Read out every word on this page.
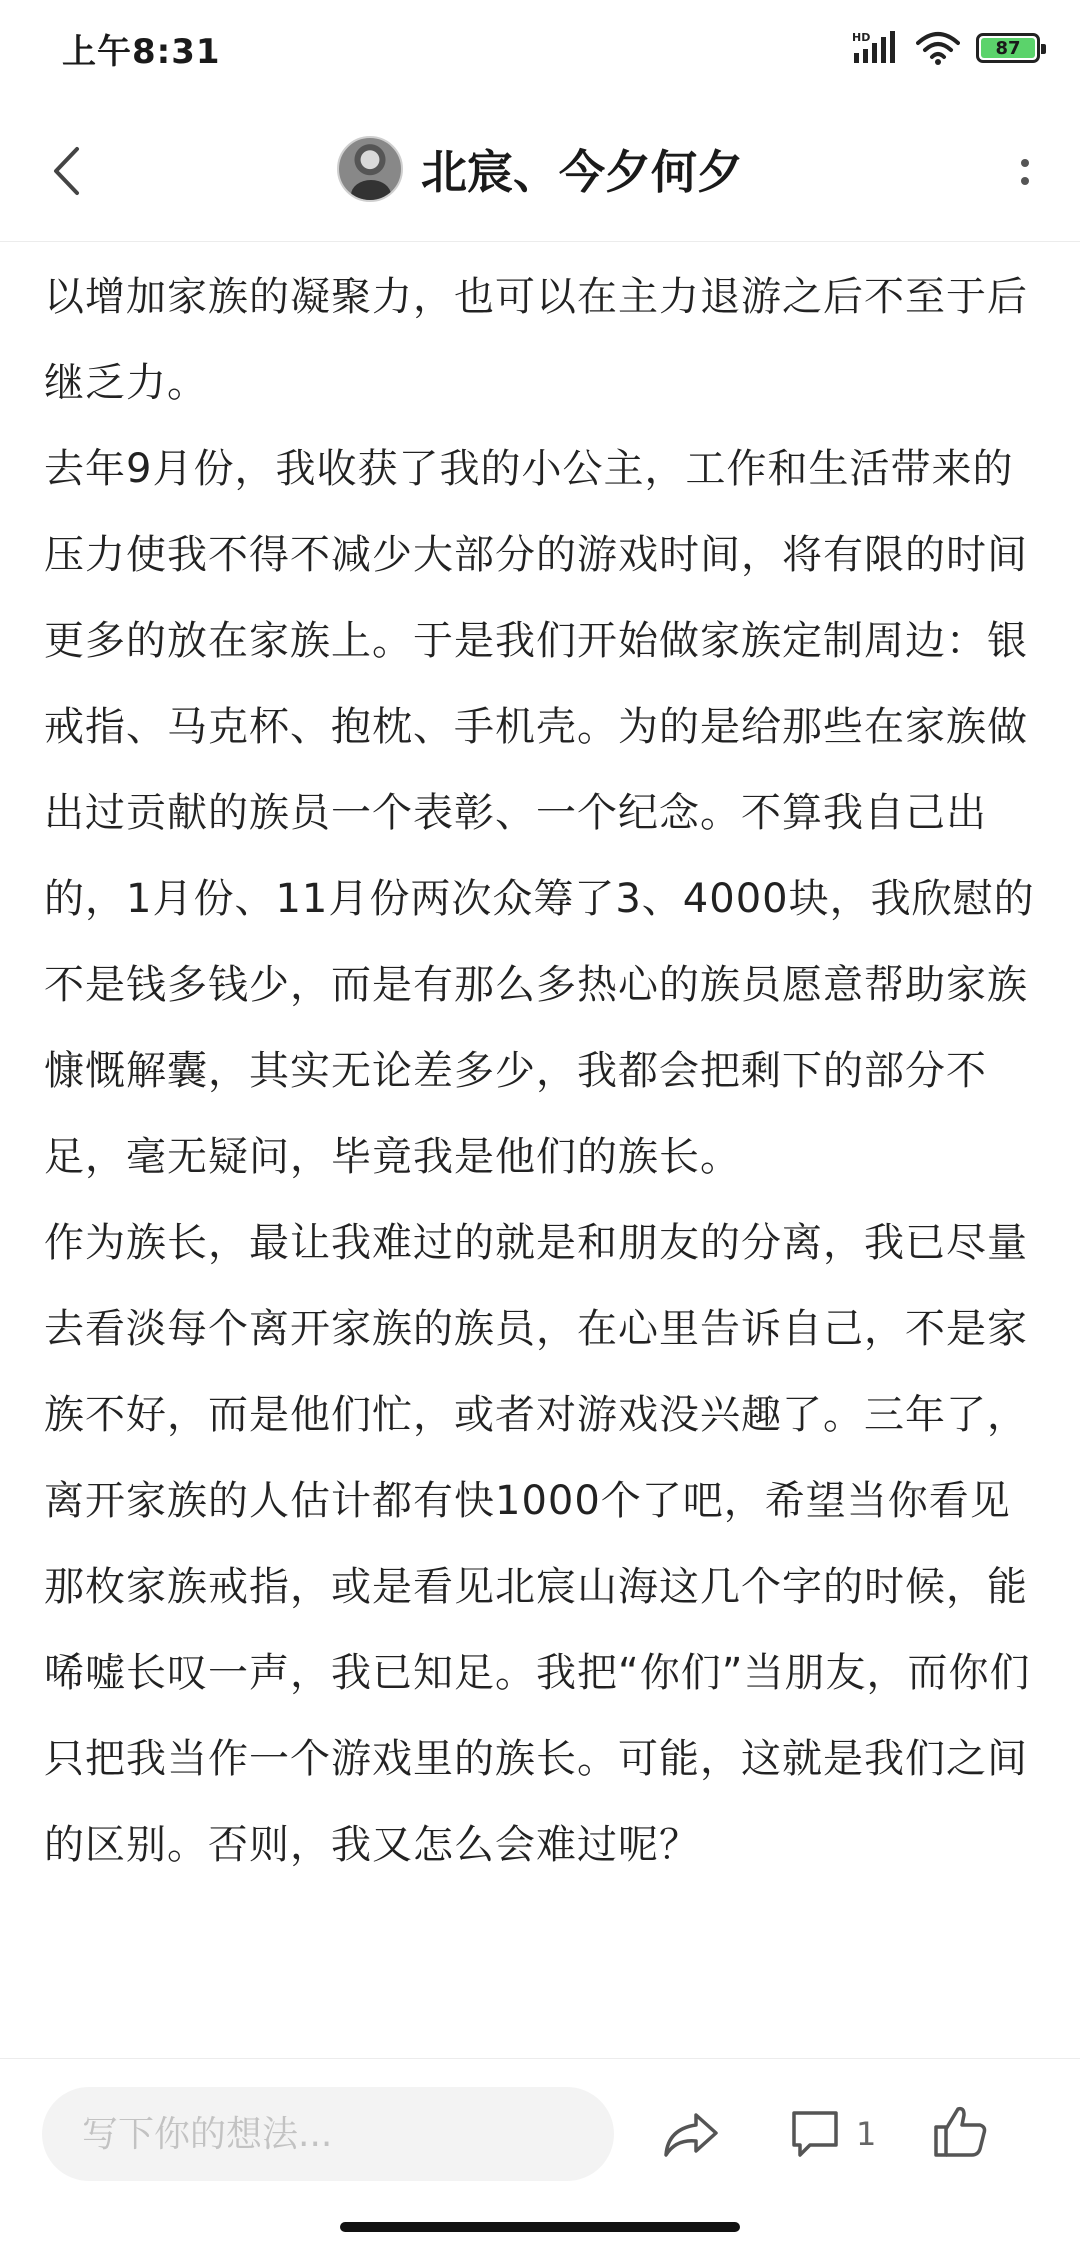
上午8:31	HD	87
北宸、今夕何夕

以增加家族的凝聚力，也可以在主力退游之后不至于后继乏力。

去年9月份，我收获了我的小公主，工作和生活带来的压力使我不得不减少大部分的游戏时间，将有限的时间更多的放在家族上。于是我们开始做家族定制周边：银戒指、马克杯、抱枕、手机壳。为的是给那些在家族做出过贡献的族员一个表彰、一个纪念。不算我自己出的，1月份、11月份两次众筹了3、4000块，我欣慰的不是钱多钱少，而是有那么多热心的族员愿意帮助家族慷慨解囊，其实无论差多少，我都会把剩下的部分不足，毫无疑问，毕竟我是他们的族长。

作为族长，最让我难过的就是和朋友的分离，我已尽量去看淡每个离开家族的族员，在心里告诉自己，不是家族不好，而是他们忙，或者对游戏没兴趣了。三年了，离开家族的人估计都有快1000个了吧，希望当你看见那枚家族戒指，或是看见北宸山海这几个字的时候，能唏嘘长叹一声，我已知足。我把“你们”当朋友，而你们只把我当作一个游戏里的族长。可能，这就是我们之间的区别。否则，我又怎么会难过呢？

写下你的想法...
1
